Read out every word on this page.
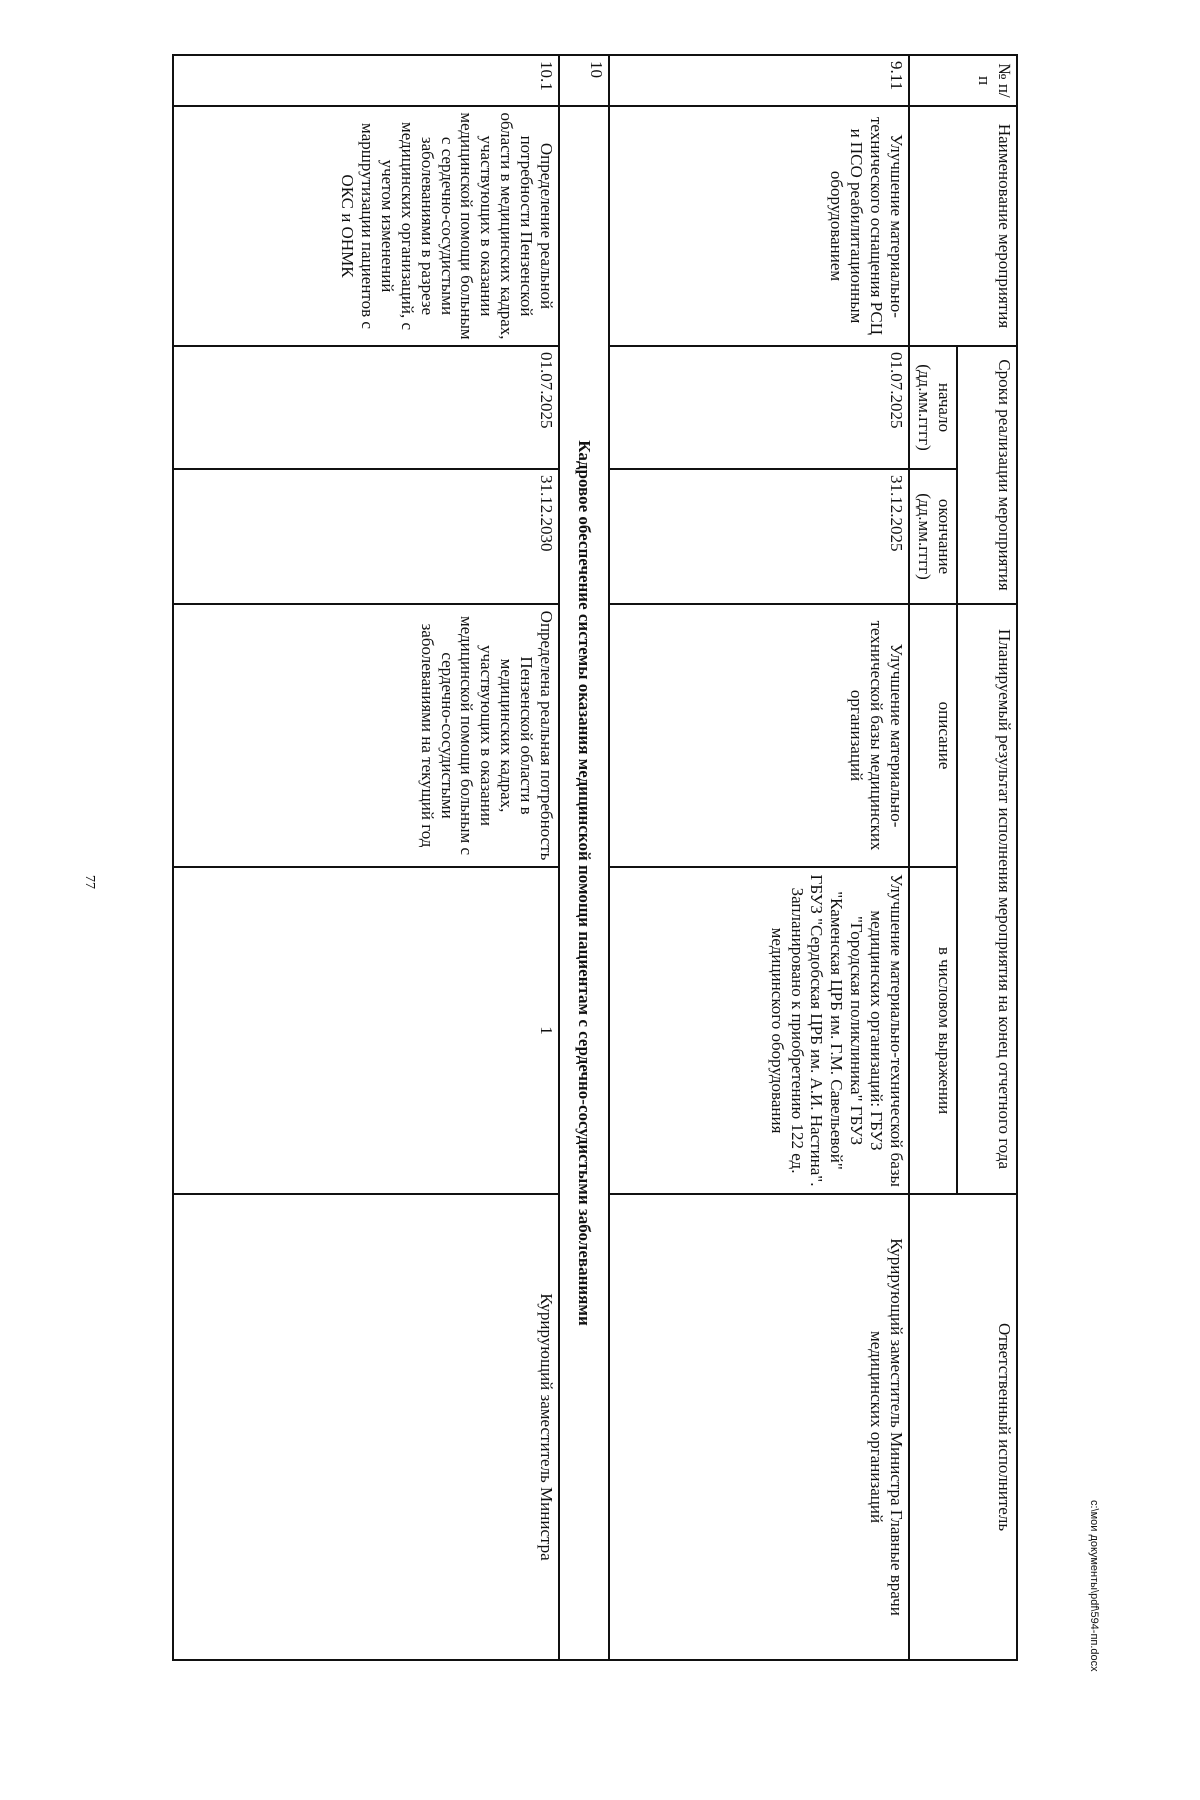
77
c:\мои документы\pdf\594-пп.docx
№ п/п	Наименование мероприятия	Сроки реализации мероприятия		Планируемый результат исполнения мероприятия на конец отчетного года		Ответственный исполнитель
		начало (дд.мм.гггг)	окончание (дд.мм.гггг)	описание	в числовом выражении	
9.11	Улучшение материально-технического оснащения РСЦ и ПСО реабилитационным оборудованием	01.07.2025	31.12.2025	Улучшение материально-технической базы медицинских организаций	Улучшение материально-технической базы медицинских организаций: ГБУЗ "Городская поликлиника" ГБУЗ "Каменская ЦРБ им. Г.М. Савельевой" ГБУЗ "Сердобская ЦРБ им. А.И. Настина". Запланировано к приобретению 122 ед. медицинского оборудования	Курирующий заместитель Министра Главные врачи медицинских организаций
10	Кадровое обеспечение системы оказания медицинской помощи пациентам с сердечно-сосудистыми заболеваниями					
10.1	Определение реальной потребности Пензенской области в медицинских кадрах, участвующих в оказании медицинской помощи больным с сердечно-сосудистыми заболеваниями в разрезе медицинских организаций, с учетом изменений маршрутизации пациентов с ОКС и ОНМК	01.07.2025	31.12.2030	Определена реальная потребность Пензенской области в медицинских кадрах, участвующих в оказании медицинской помощи больным с сердечно-сосудистыми заболеваниями на текущий год	1	Курирующий заместитель Министра
